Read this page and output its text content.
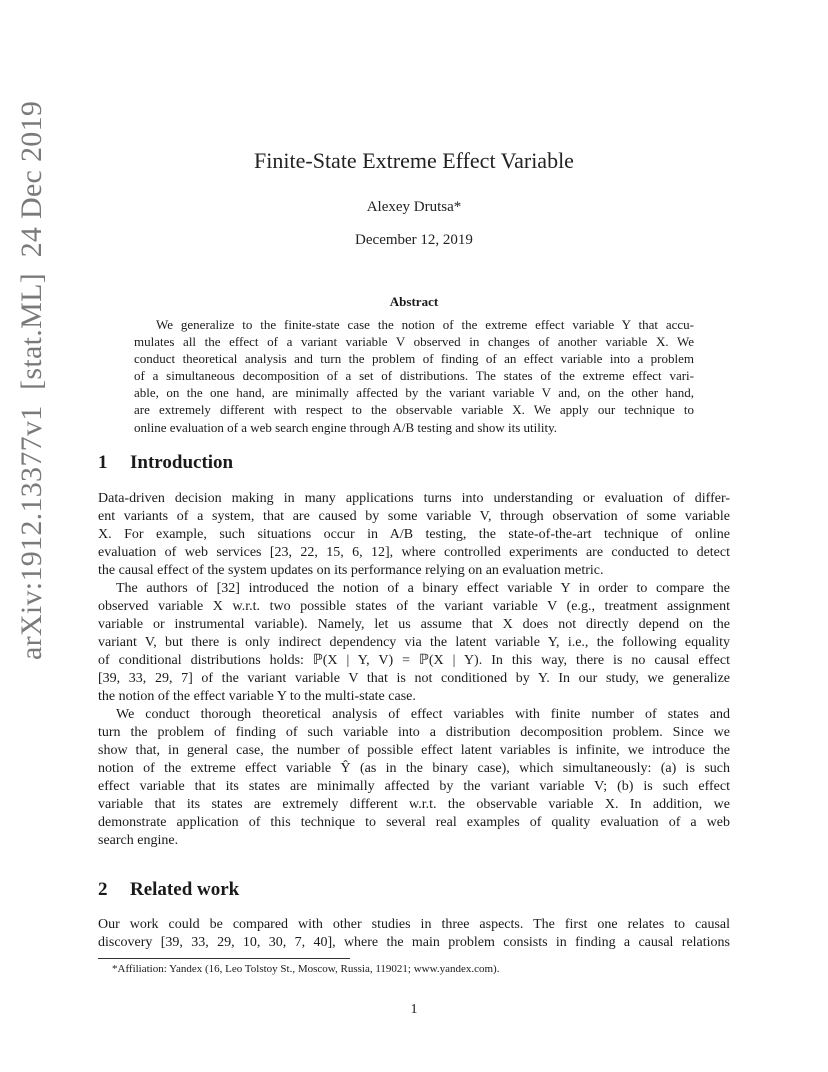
arXiv:1912.13377v1  [stat.ML]  24 Dec 2019	Finite-State Extreme Effect Variable
Alexey Drutsa*
December 12, 2019
Abstract
We generalize to the finite-state case the notion of the extreme effect variable Y that accu-
mulates all the effect of a variant variable V observed in changes of another variable X. We
conduct theoretical analysis and turn the problem of finding of an effect variable into a problem
of a simultaneous decomposition of a set of distributions. The states of the extreme effect vari-
able, on the one hand, are minimally affected by the variant variable V and, on the other hand,
are extremely different with respect to the observable variable X. We apply our technique to
online evaluation of a web search engine through A/B testing and show its utility.
1 Introduction
Data-driven decision making in many applications turns into understanding or evaluation of differ-
ent variants of a system, that are caused by some variable V, through observation of some variable
X. For example, such situations occur in A/B testing, the state-of-the-art technique of online
evaluation of web services [23, 22, 15, 6, 12], where controlled experiments are conducted to detect
the causal effect of the system updates on its performance relying on an evaluation metric.
The authors of [32] introduced the notion of a binary effect variable Y in order to compare the
observed variable X w.r.t. two possible states of the variant variable V (e.g., treatment assignment
variable or instrumental variable). Namely, let us assume that X does not directly depend on the
variant V, but there is only indirect dependency via the latent variable Y, i.e., the following equality
of conditional distributions holds: ℙ(X | Y, V) = ℙ(X | Y). In this way, there is no causal effect
[39, 33, 29, 7] of the variant variable V that is not conditioned by Y. In our study, we generalize
the notion of the effect variable Y to the multi-state case.
We conduct thorough theoretical analysis of effect variables with finite number of states and
turn the problem of finding of such variable into a distribution decomposition problem. Since we
show that, in general case, the number of possible effect latent variables is infinite, we introduce the
notion of the extreme effect variable Ŷ (as in the binary case), which simultaneously: (a) is such
effect variable that its states are minimally affected by the variant variable V; (b) is such effect
variable that its states are extremely different w.r.t. the observable variable X. In addition, we
demonstrate application of this technique to several real examples of quality evaluation of a web
search engine.
2 Related work
Our work could be compared with other studies in three aspects. The first one relates to causal
discovery [39, 33, 29, 10, 30, 7, 40], where the main problem consists in finding a causal relations
*Affiliation: Yandex (16, Leo Tolstoy St., Moscow, Russia, 119021; www.yandex.com).
1
